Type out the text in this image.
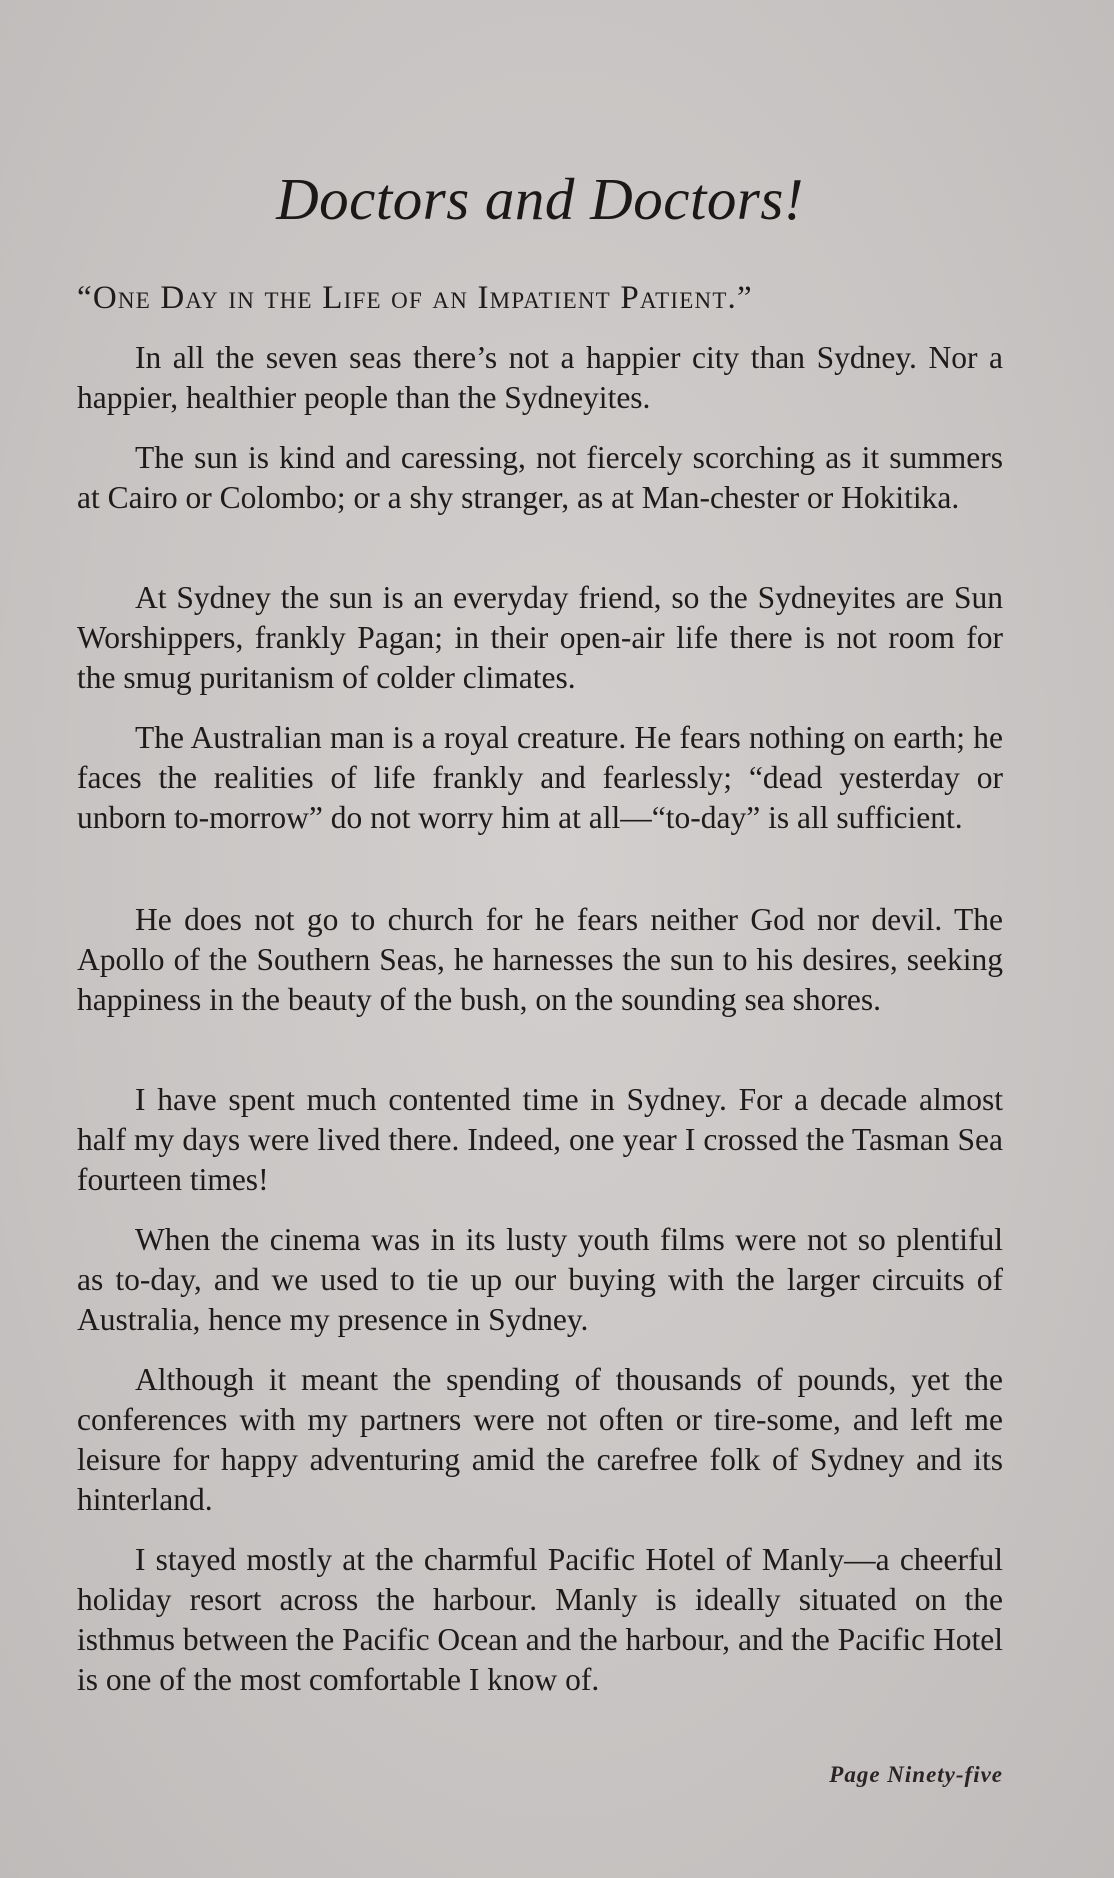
Doctors and Doctors!

“One Day in the Life of an Impatient Patient.”

In all the seven seas there’s not a happier city than Sydney. Nor a happier, healthier people than the Sydneyites.

The sun is kind and caressing, not fiercely scorching as it summers at Cairo or Colombo; or a shy stranger, as at Man-chester or Hokitika.

At Sydney the sun is an everyday friend, so the Sydneyites are Sun Worshippers, frankly Pagan; in their open-air life there is not room for the smug puritanism of colder climates.

The Australian man is a royal creature. He fears nothing on earth; he faces the realities of life frankly and fearlessly; “dead yesterday or unborn to-morrow” do not worry him at all—“to-day” is all sufficient.

He does not go to church for he fears neither God nor devil. The Apollo of the Southern Seas, he harnesses the sun to his desires, seeking happiness in the beauty of the bush, on the sounding sea shores.

I have spent much contented time in Sydney. For a decade almost half my days were lived there. Indeed, one year I crossed the Tasman Sea fourteen times!

When the cinema was in its lusty youth films were not so plentiful as to-day, and we used to tie up our buying with the larger circuits of Australia, hence my presence in Sydney.

Although it meant the spending of thousands of pounds, yet the conferences with my partners were not often or tire-some, and left me leisure for happy adventuring amid the carefree folk of Sydney and its hinterland.

I stayed mostly at the charmful Pacific Hotel of Manly—a cheerful holiday resort across the harbour. Manly is ideally situated on the isthmus between the Pacific Ocean and the harbour, and the Pacific Hotel is one of the most comfortable I know of.

Page Ninety-five
